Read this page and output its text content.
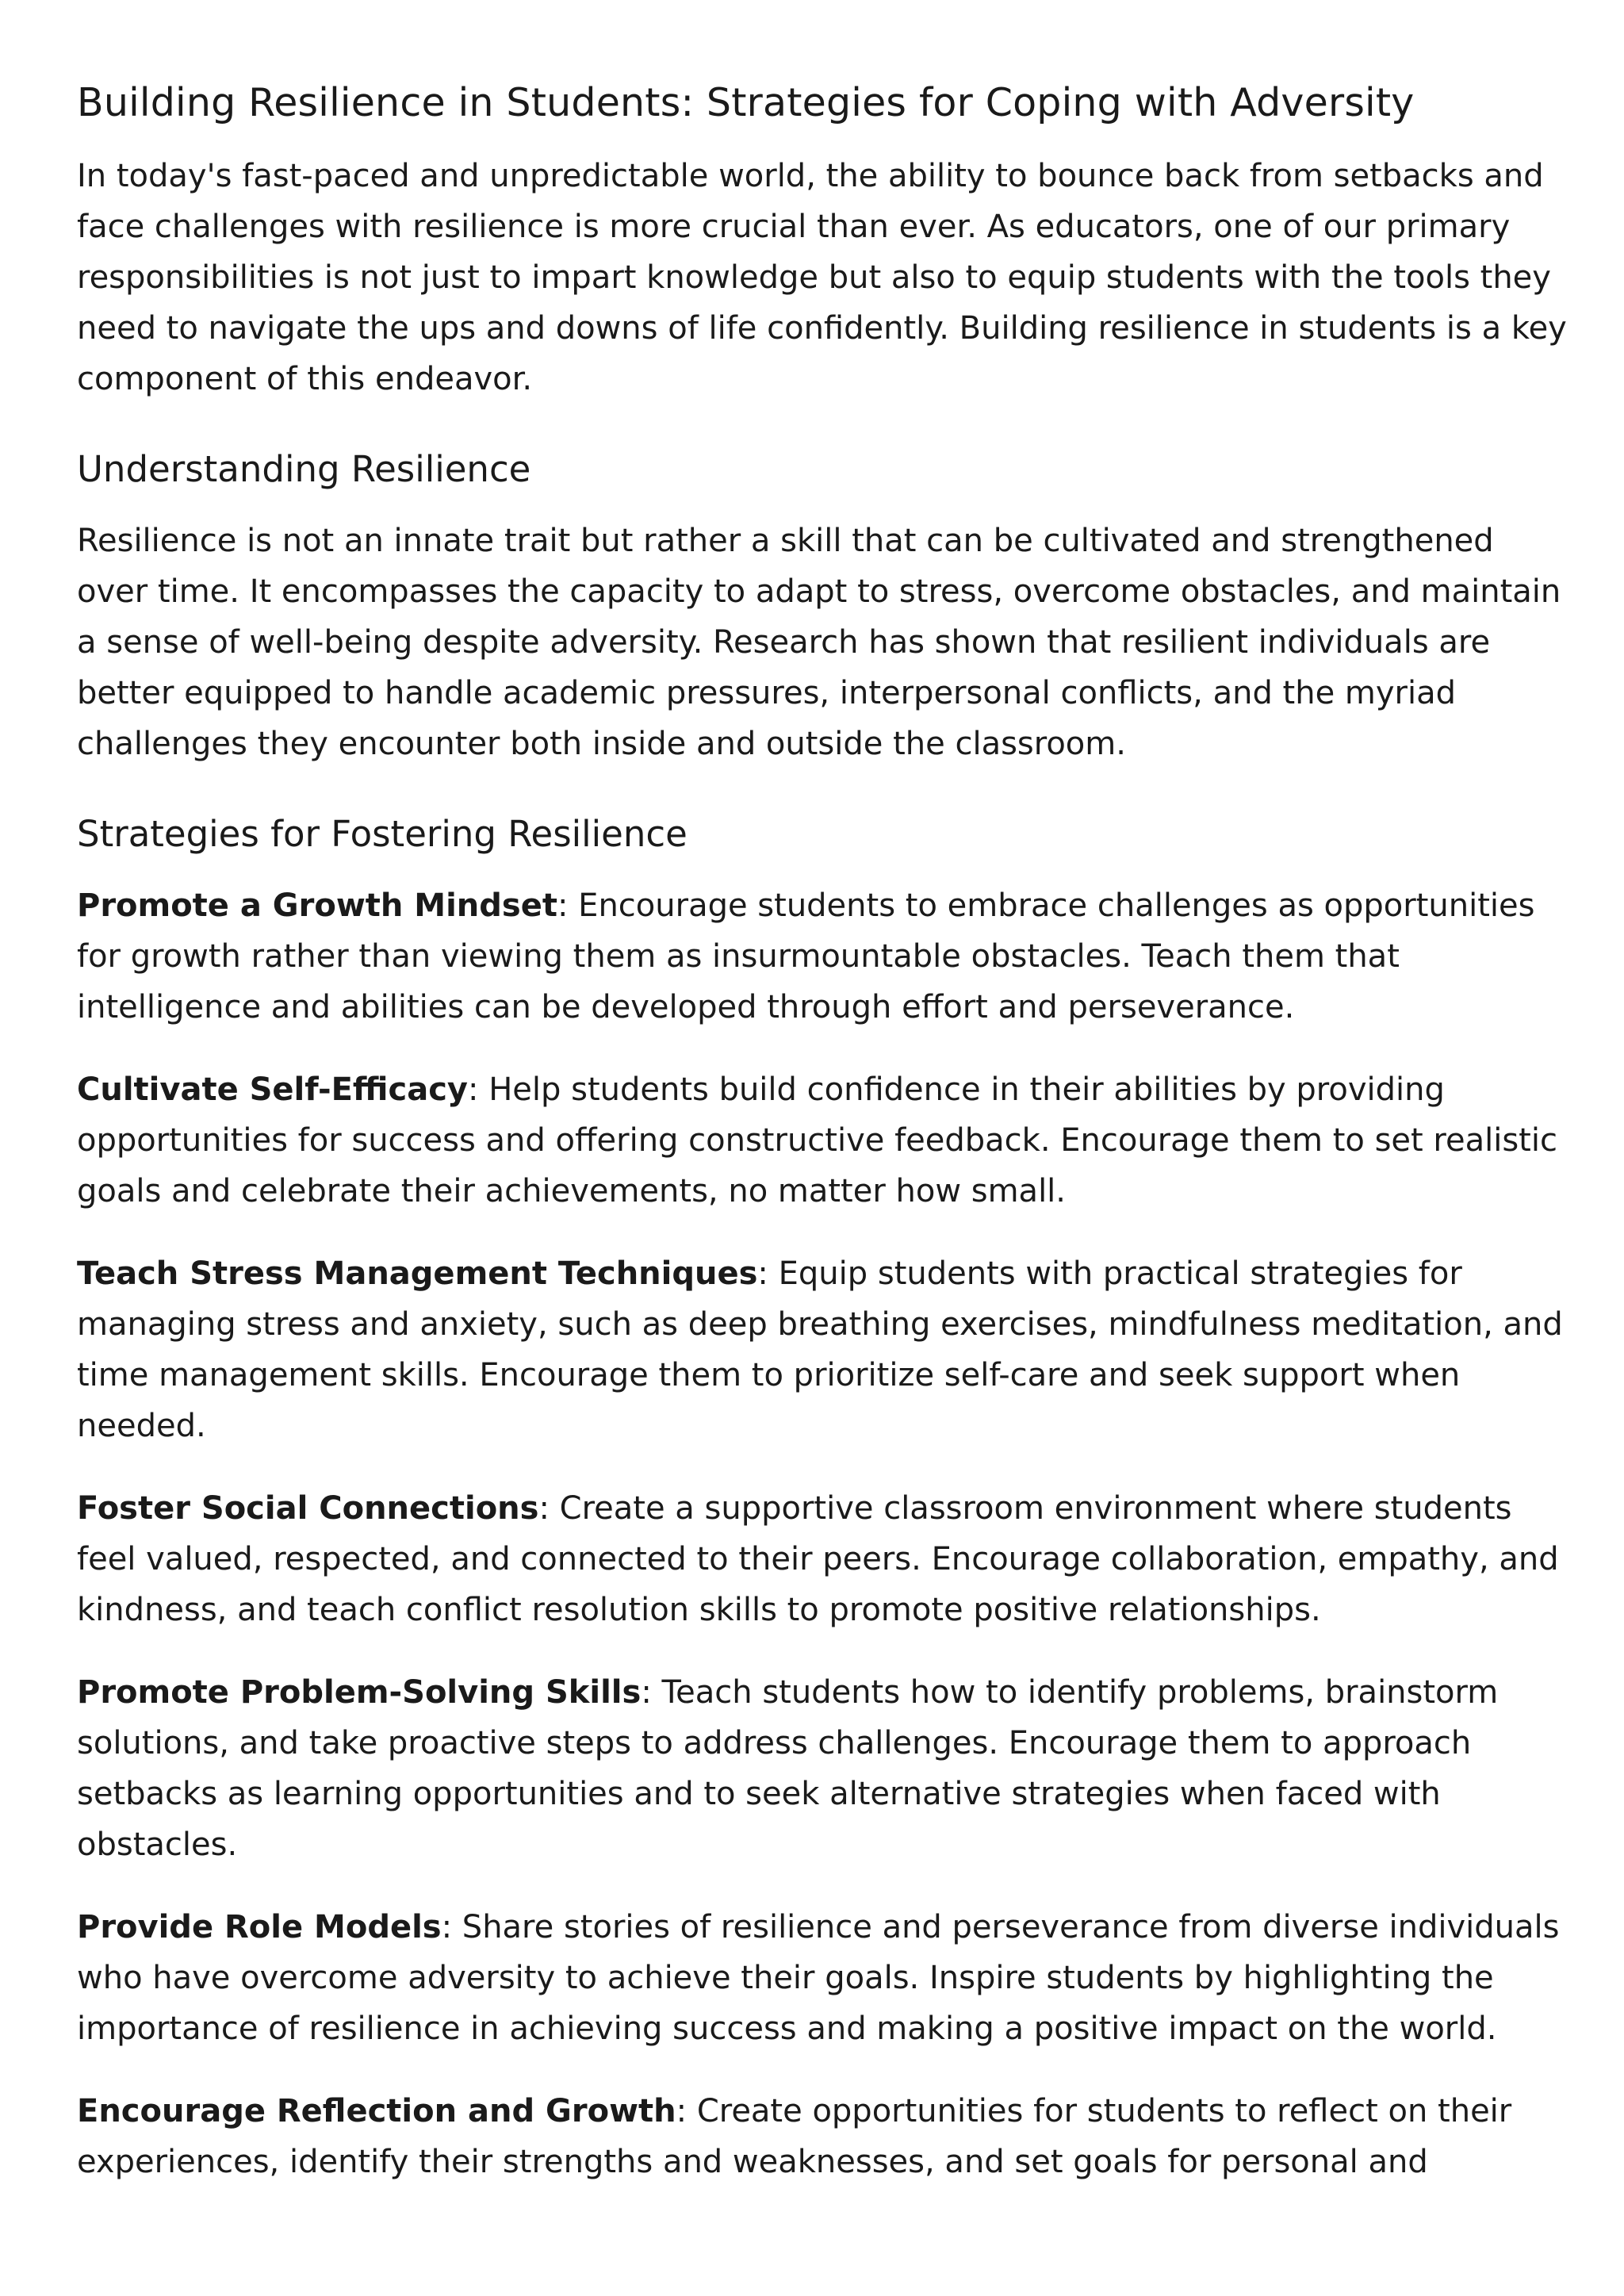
Building Resilience in Students: Strategies for Coping with Adversity

In today's fast-paced and unpredictable world, the ability to bounce back from setbacks and face challenges with resilience is more crucial than ever. As educators, one of our primary responsibilities is not just to impart knowledge but also to equip students with the tools they need to navigate the ups and downs of life confidently. Building resilience in students is a key component of this endeavor.

Understanding Resilience

Resilience is not an innate trait but rather a skill that can be cultivated and strengthened over time. It encompasses the capacity to adapt to stress, overcome obstacles, and maintain a sense of well-being despite adversity. Research has shown that resilient individuals are better equipped to handle academic pressures, interpersonal conflicts, and the myriad challenges they encounter both inside and outside the classroom.

Strategies for Fostering Resilience

Promote a Growth Mindset: Encourage students to embrace challenges as opportunities for growth rather than viewing them as insurmountable obstacles. Teach them that intelligence and abilities can be developed through effort and perseverance.

Cultivate Self-Efficacy: Help students build confidence in their abilities by providing opportunities for success and offering constructive feedback. Encourage them to set realistic goals and celebrate their achievements, no matter how small.

Teach Stress Management Techniques: Equip students with practical strategies for managing stress and anxiety, such as deep breathing exercises, mindfulness meditation, and time management skills. Encourage them to prioritize self-care and seek support when needed.

Foster Social Connections: Create a supportive classroom environment where students feel valued, respected, and connected to their peers. Encourage collaboration, empathy, and kindness, and teach conflict resolution skills to promote positive relationships.

Promote Problem-Solving Skills: Teach students how to identify problems, brainstorm solutions, and take proactive steps to address challenges. Encourage them to approach setbacks as learning opportunities and to seek alternative strategies when faced with obstacles.

Provide Role Models: Share stories of resilience and perseverance from diverse individuals who have overcome adversity to achieve their goals. Inspire students by highlighting the importance of resilience in achieving success and making a positive impact on the world.

Encourage Reflection and Growth: Create opportunities for students to reflect on their experiences, identify their strengths and weaknesses, and set goals for personal and
